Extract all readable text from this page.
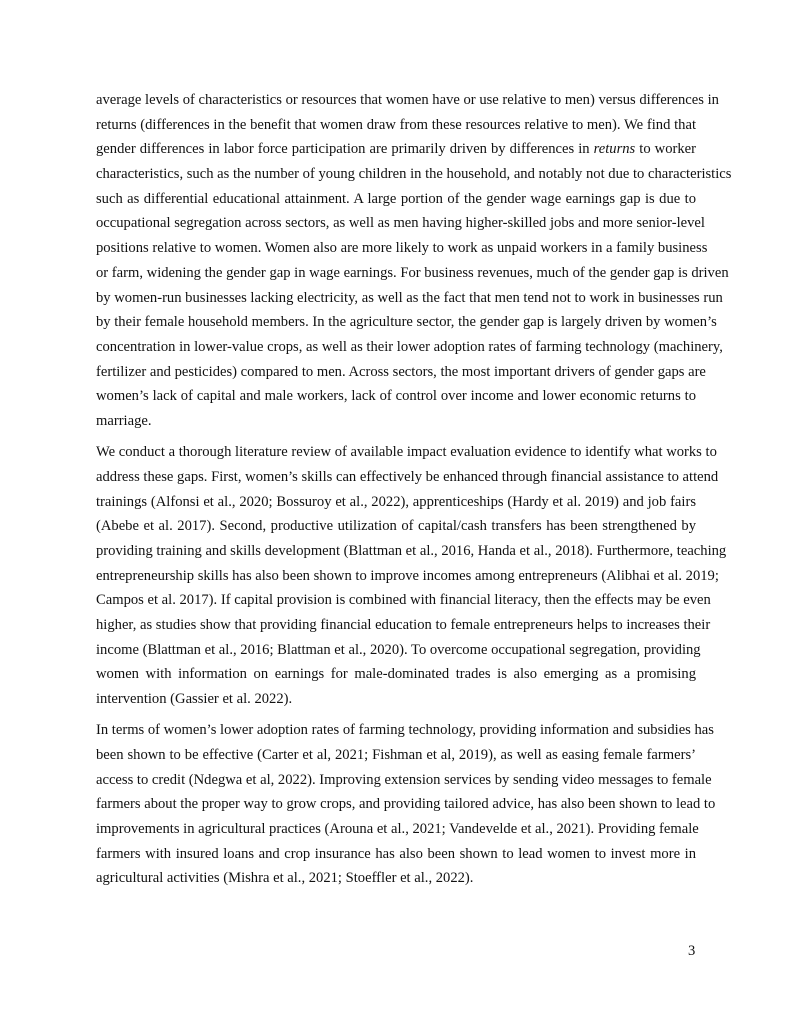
average levels of characteristics or resources that women have or use relative to men) versus differences in
returns (differences in the benefit that women draw from these resources relative to men). We find that
gender differences in labor force participation are primarily driven by differences in returns to worker
characteristics, such as the number of young children in the household, and notably not due to characteristics
such as differential educational attainment. A large portion of the gender wage earnings gap is due to
occupational segregation across sectors, as well as men having higher-skilled jobs and more senior-level
positions relative to women. Women also are more likely to work as unpaid workers in a family business
or farm, widening the gender gap in wage earnings. For business revenues, much of the gender gap is driven
by women-run businesses lacking electricity, as well as the fact that men tend not to work in businesses run
by their female household members. In the agriculture sector, the gender gap is largely driven by women’s
concentration in lower-value crops, as well as their lower adoption rates of farming technology (machinery,
fertilizer and pesticides) compared to men. Across sectors, the most important drivers of gender gaps are
women’s lack of capital and male workers, lack of control over income and lower economic returns to
marriage.
We conduct a thorough literature review of available impact evaluation evidence to identify what works to
address these gaps. First, women’s skills can effectively be enhanced through financial assistance to attend
trainings (Alfonsi et al., 2020; Bossuroy et al., 2022), apprenticeships (Hardy et al. 2019) and job fairs
(Abebe et al. 2017). Second, productive utilization of capital/cash transfers has been strengthened by
providing training and skills development (Blattman et al., 2016, Handa et al., 2018). Furthermore, teaching
entrepreneurship skills has also been shown to improve incomes among entrepreneurs (Alibhai et al. 2019;
Campos et al. 2017). If capital provision is combined with financial literacy, then the effects may be even
higher, as studies show that providing financial education to female entrepreneurs helps to increases their
income (Blattman et al., 2016; Blattman et al., 2020). To overcome occupational segregation, providing
women with information on earnings for male-dominated trades is also emerging as a promising
intervention (Gassier et al. 2022).
In terms of women’s lower adoption rates of farming technology, providing information and subsidies has
been shown to be effective (Carter et al, 2021; Fishman et al, 2019), as well as easing female farmers’
access to credit (Ndegwa et al, 2022). Improving extension services by sending video messages to female
farmers about the proper way to grow crops, and providing tailored advice, has also been shown to lead to
improvements in agricultural practices (Arouna et al., 2021; Vandevelde et al., 2021). Providing female
farmers with insured loans and crop insurance has also been shown to lead women to invest more in
agricultural activities (Mishra et al., 2021; Stoeffler et al., 2022).
3
